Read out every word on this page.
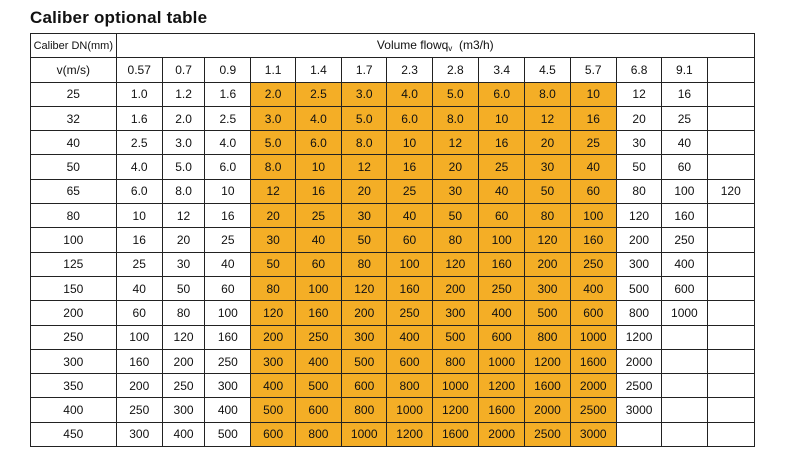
Caliber optional table
Caliber DN(mm)	Volume flowq$_v$  (m3/h)													
v(m/s)	0.57	0.7	0.9	1.1	1.4	1.7	2.3	2.8	3.4	4.5	5.7	6.8	9.1	
25	1.0	1.2	1.6	2.0	2.5	3.0	4.0	5.0	6.0	8.0	10	12	16	
32	1.6	2.0	2.5	3.0	4.0	5.0	6.0	8.0	10	12	16	20	25	
40	2.5	3.0	4.0	5.0	6.0	8.0	10	12	16	20	25	30	40	
50	4.0	5.0	6.0	8.0	10	12	16	20	25	30	40	50	60	
65	6.0	8.0	10	12	16	20	25	30	40	50	60	80	100	120
80	10	12	16	20	25	30	40	50	60	80	100	120	160	
100	16	20	25	30	40	50	60	80	100	120	160	200	250	
125	25	30	40	50	60	80	100	120	160	200	250	300	400	
150	40	50	60	80	100	120	160	200	250	300	400	500	600	
200	60	80	100	120	160	200	250	300	400	500	600	800	1000	
250	100	120	160	200	250	300	400	500	600	800	1000	1200		
300	160	200	250	300	400	500	600	800	1000	1200	1600	2000		
350	200	250	300	400	500	600	800	1000	1200	1600	2000	2500		
400	250	300	400	500	600	800	1000	1200	1600	2000	2500	3000		
450	300	400	500	600	800	1000	1200	1600	2000	2500	3000			
